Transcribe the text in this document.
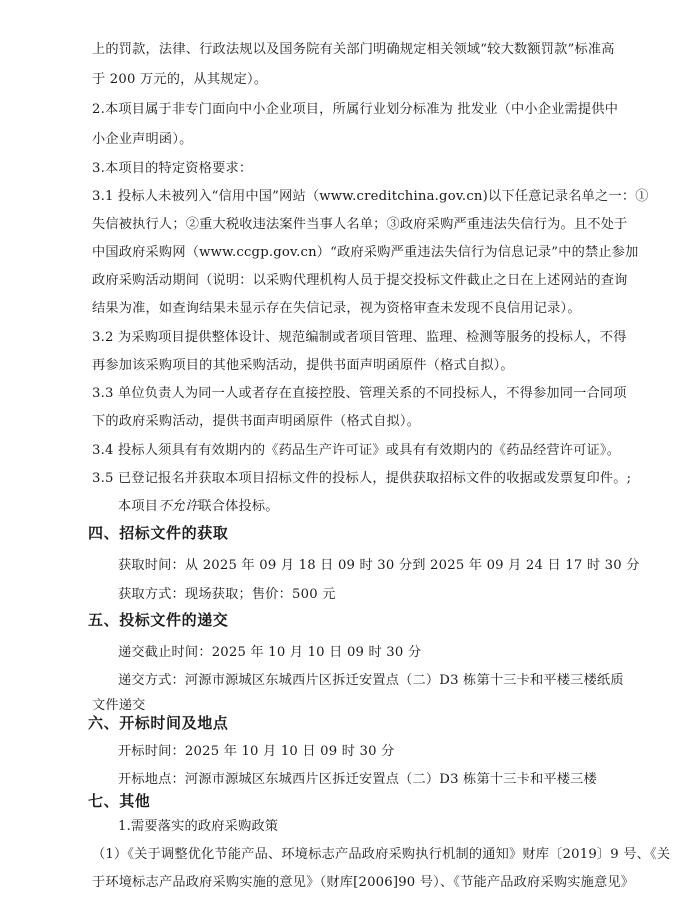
上的罚款，法律、行政法规以及国务院有关部门明确规定相关领域“较大数额罚款”标准高
于 200 万元的，从其规定）。
2.本项目属于非专门面向中小企业项目，所属行业划分标准为 批发业（中小企业需提供中
小企业声明函）。
3.本项目的特定资格要求：
3.1 投标人未被列入“信用中国”网站（www.creditchina.gov.cn)以下任意记录名单之一：①
失信被执行人；②重大税收违法案件当事人名单；③政府采购严重违法失信行为。且不处于
中国政府采购网（www.ccgp.gov.cn）“政府采购严重违法失信行为信息记录”中的禁止参加
政府采购活动期间（说明：以采购代理机构人员于提交投标文件截止之日在上述网站的查询
结果为准，如查询结果未显示存在失信记录，视为资格审查未发现不良信用记录）。
3.2 为采购项目提供整体设计、规范编制或者项目管理、监理、检测等服务的投标人，不得
再参加该采购项目的其他采购活动，提供书面声明函原件（格式自拟）。
3.3 单位负责人为同一人或者存在直接控股、管理关系的不同投标人，不得参加同一合同项
下的政府采购活动，提供书面声明函原件（格式自拟）。
3.4 投标人须具有有效期内的《药品生产许可证》或具有有效期内的《药品经营许可证》。
3.5 已登记报名并获取本项目招标文件的投标人，提供获取招标文件的收据或发票复印件。;
本项目不允许联合体投标。
四、招标文件的获取
获取时间：从 2025 年 09 月 18 日 09 时 30 分到 2025 年 09 月 24 日 17 时 30 分
获取方式：现场获取；售价：500 元
五、投标文件的递交
递交截止时间：2025 年 10 月 10 日 09 时 30 分
递交方式：河源市源城区东城西片区拆迁安置点（二）D3 栋第十三卡和平楼三楼纸质
文件递交
六、开标时间及地点
开标时间：2025 年 10 月 10 日 09 时 30 分
开标地点：河源市源城区东城西片区拆迁安置点（二）D3 栋第十三卡和平楼三楼
七、其他
1.需要落实的政府采购政策
（1）《关于调整优化节能产品、环境标志产品政府采购执行机制的通知》财库〔2019〕9 号、《关
于环境标志产品政府采购实施的意见》（财库[2006]90 号）、《节能产品政府采购实施意见》
